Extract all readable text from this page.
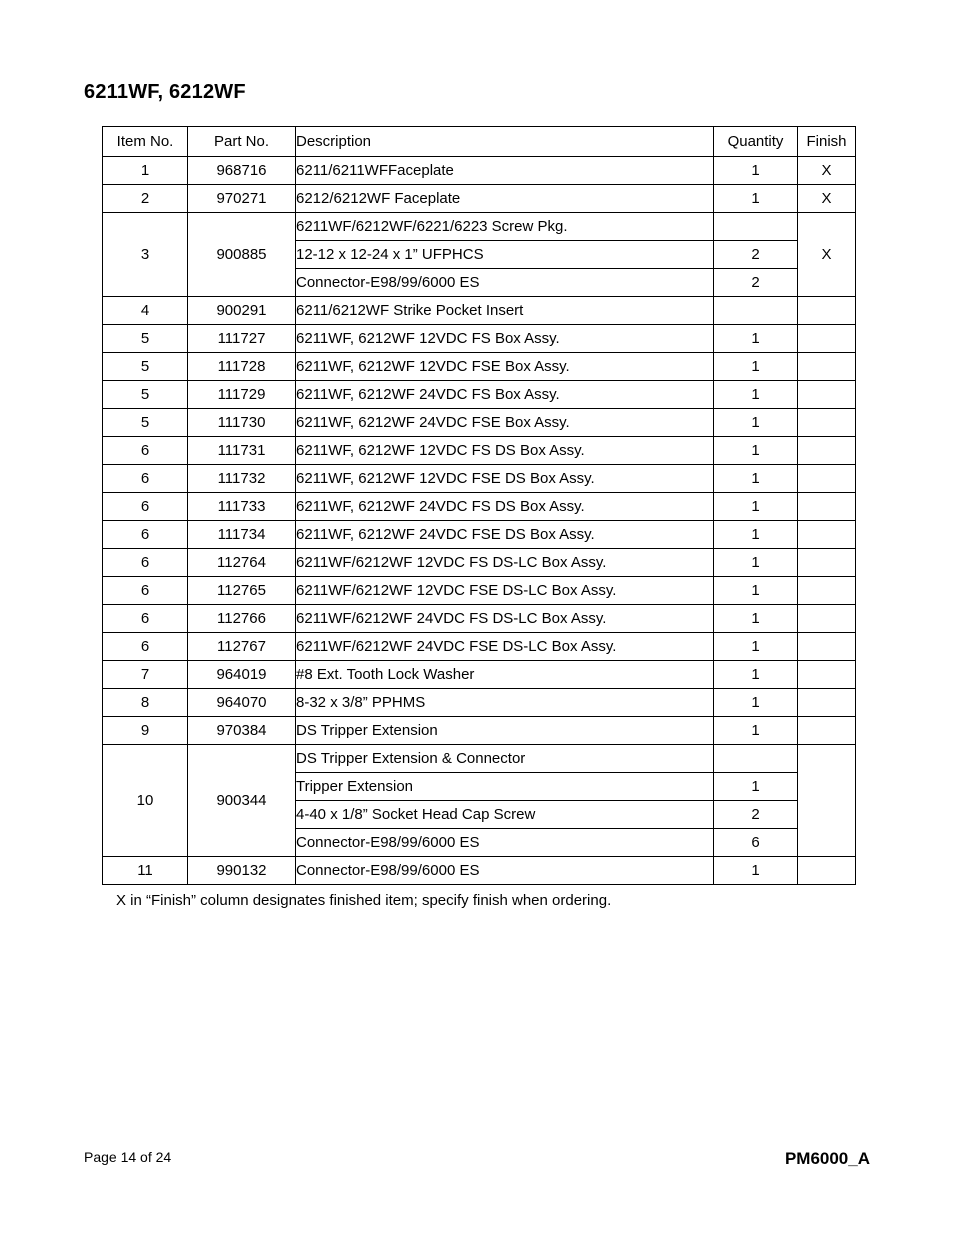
6211WF, 6212WF
Item No.	Part No.	Description	Quantity	Finish
1	968716	6211/6211WFFaceplate	1	X
2	970271	6212/6212WF Faceplate	1	X
3	900885	6211WF/6212WF/6221/6223 Screw Pkg.		X
		12-12 x 12-24 x 1” UFPHCS	2	
		Connector-E98/99/6000 ES	2	
4	900291	6211/6212WF Strike Pocket Insert		
5	111727	6211WF, 6212WF 12VDC FS Box Assy.	1	
5	111728	6211WF, 6212WF 12VDC FSE Box Assy.	1	
5	111729	6211WF, 6212WF 24VDC FS Box Assy.	1	
5	111730	6211WF, 6212WF 24VDC FSE Box Assy.	1	
6	111731	6211WF, 6212WF 12VDC FS DS Box Assy.	1	
6	111732	6211WF, 6212WF 12VDC FSE DS Box Assy.	1	
6	111733	6211WF, 6212WF 24VDC FS DS Box Assy.	1	
6	111734	6211WF, 6212WF 24VDC FSE DS Box Assy.	1	
6	112764	6211WF/6212WF 12VDC FS DS-LC Box Assy.	1	
6	112765	6211WF/6212WF 12VDC FSE DS-LC Box Assy.	1	
6	112766	6211WF/6212WF 24VDC FS DS-LC Box Assy.	1	
6	112767	6211WF/6212WF 24VDC FSE DS-LC Box Assy.	1	
7	964019	#8 Ext. Tooth Lock Washer	1	
8	964070	8-32 x 3/8” PPHMS	1	
9	970384	DS Tripper Extension	1	
10	900344	DS Tripper Extension & Connector		
		Tripper Extension	1	
		4-40 x 1/8” Socket Head Cap Screw	2	
		Connector-E98/99/6000 ES	6	
11	990132	Connector-E98/99/6000 ES	1	
X in “Finish” column designates finished item; specify finish when ordering.
Page 14 of 24	PM6000_A
